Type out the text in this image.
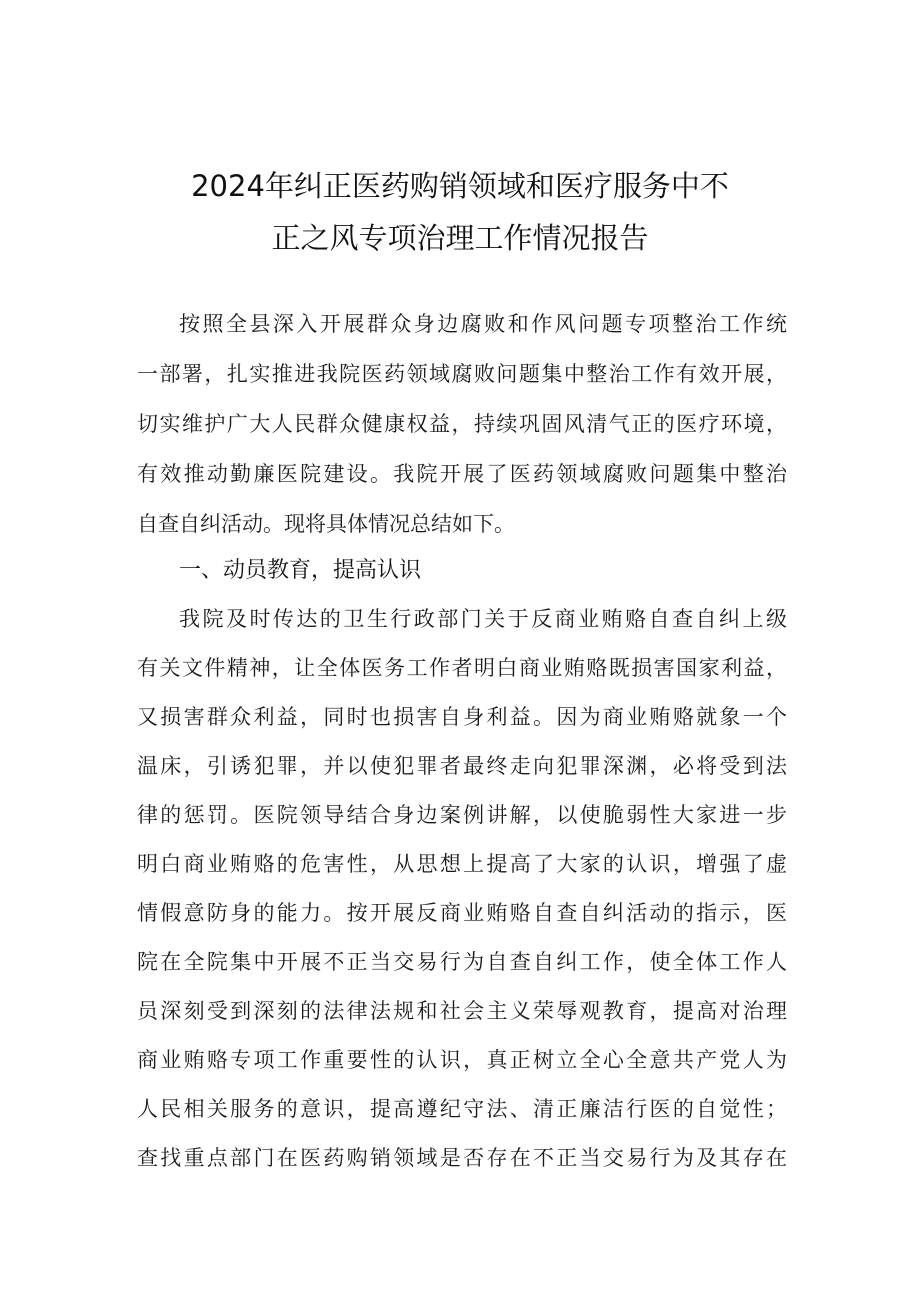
2024年纠正医药购销领域和医疗服务中不
正之风专项治理工作情况报告
按照全县深入开展群众身边腐败和作风问题专项整治工作统
一部署，扎实推进我院医药领域腐败问题集中整治工作有效开展，
切实维护广大人民群众健康权益，持续巩固风清气正的医疗环境，
有效推动勤廉医院建设。我院开展了医药领域腐败问题集中整治
自查自纠活动。现将具体情况总结如下。
一、动员教育，提高认识
我院及时传达的卫生行政部门关于反商业贿赂自查自纠上级
有关文件精神，让全体医务工作者明白商业贿赂既损害国家利益，
又损害群众利益，同时也损害自身利益。因为商业贿赂就象一个
温床，引诱犯罪，并以使犯罪者最终走向犯罪深渊，必将受到法
律的惩罚。医院领导结合身边案例讲解，以使脆弱性大家进一步
明白商业贿赂的危害性，从思想上提高了大家的认识，增强了虚
情假意防身的能力。按开展反商业贿赂自查自纠活动的指示，医
院在全院集中开展不正当交易行为自查自纠工作，使全体工作人
员深刻受到深刻的法律法规和社会主义荣辱观教育，提高对治理
商业贿赂专项工作重要性的认识，真正树立全心全意共产党人为
人民相关服务的意识，提高遵纪守法、清正廉洁行医的自觉性；
查找重点部门在医药购销领域是否存在不正当交易行为及其存在
